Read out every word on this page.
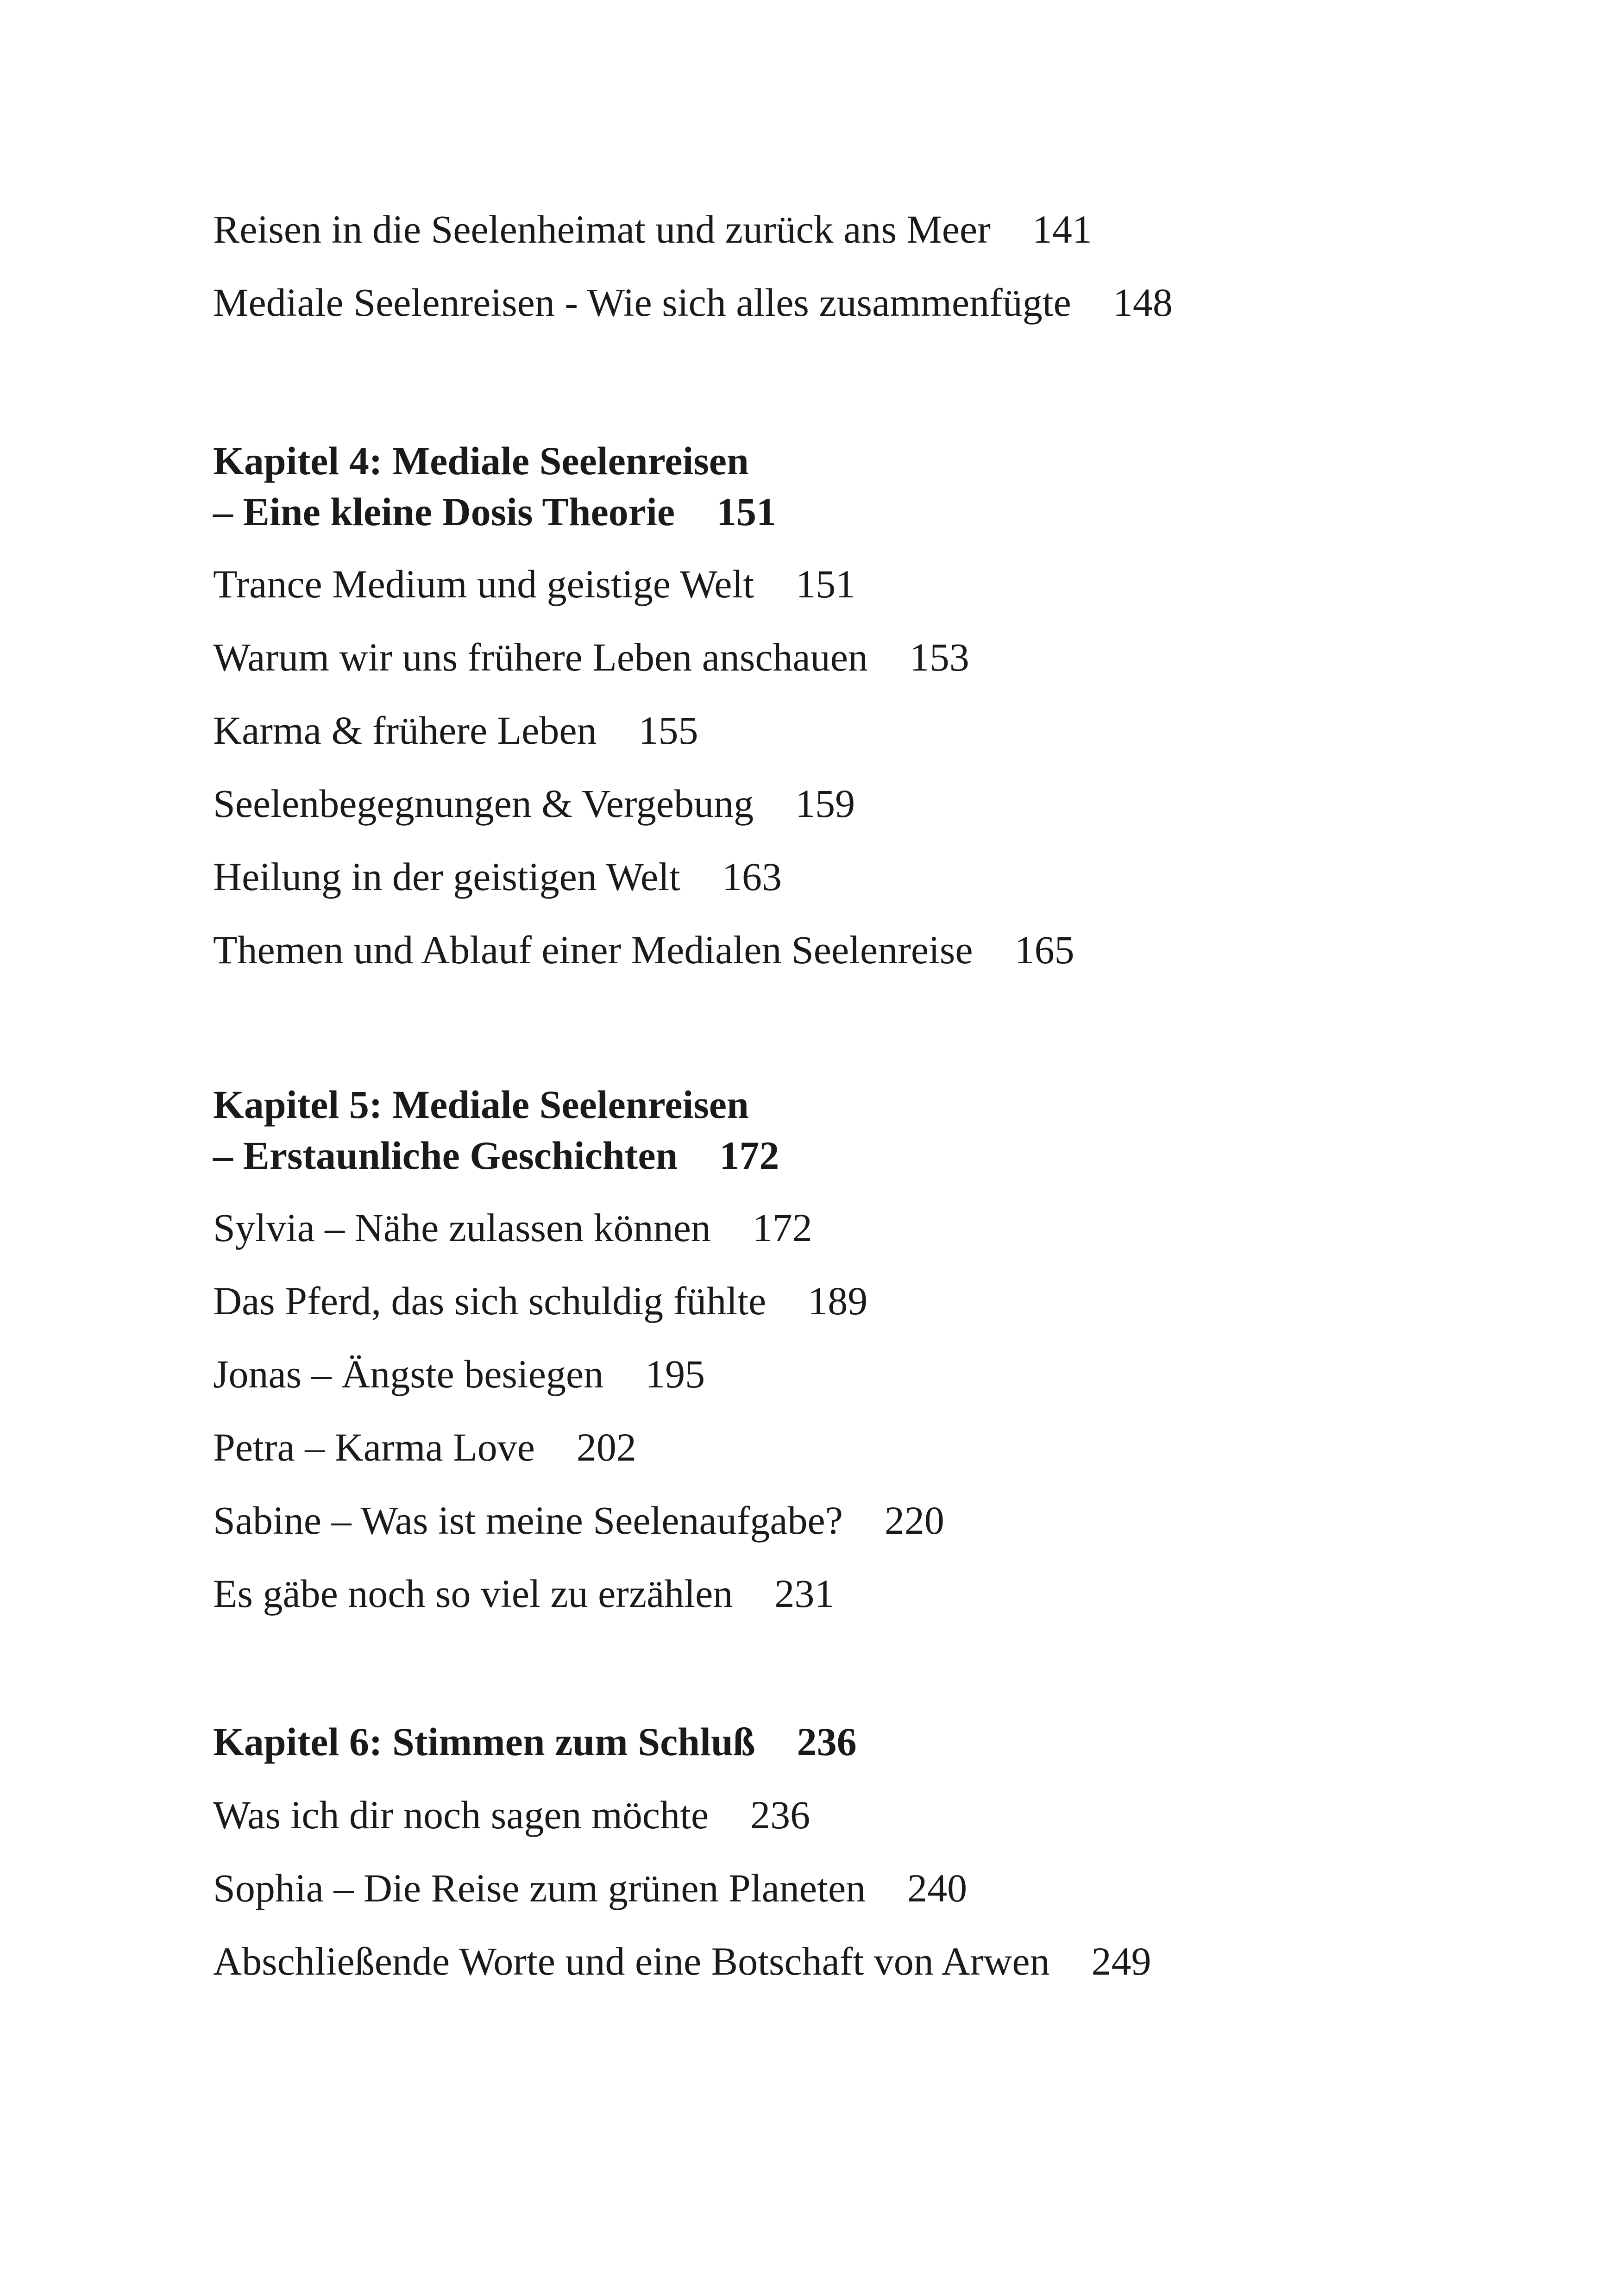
Reisen in die Seelenheimat und zurück ans Meer 141
Mediale Seelenreisen - Wie sich alles zusammenfügte 148
Kapitel 4: Mediale Seelenreisen
– Eine kleine Dosis Theorie 151
Trance Medium und geistige Welt 151
Warum wir uns frühere Leben anschauen 153
Karma & frühere Leben 155
Seelenbegegnungen & Vergebung 159
Heilung in der geistigen Welt 163
Themen und Ablauf einer Medialen Seelenreise 165
Kapitel 5: Mediale Seelenreisen
– Erstaunliche Geschichten 172
Sylvia – Nähe zulassen können 172
Das Pferd, das sich schuldig fühlte 189
Jonas – Ängste besiegen 195
Petra – Karma Love 202
Sabine – Was ist meine Seelenaufgabe? 220
Es gäbe noch so viel zu erzählen 231
Kapitel 6: Stimmen zum Schluß 236
Was ich dir noch sagen möchte 236
Sophia – Die Reise zum grünen Planeten 240
Abschließende Worte und eine Botschaft von Arwen 249
